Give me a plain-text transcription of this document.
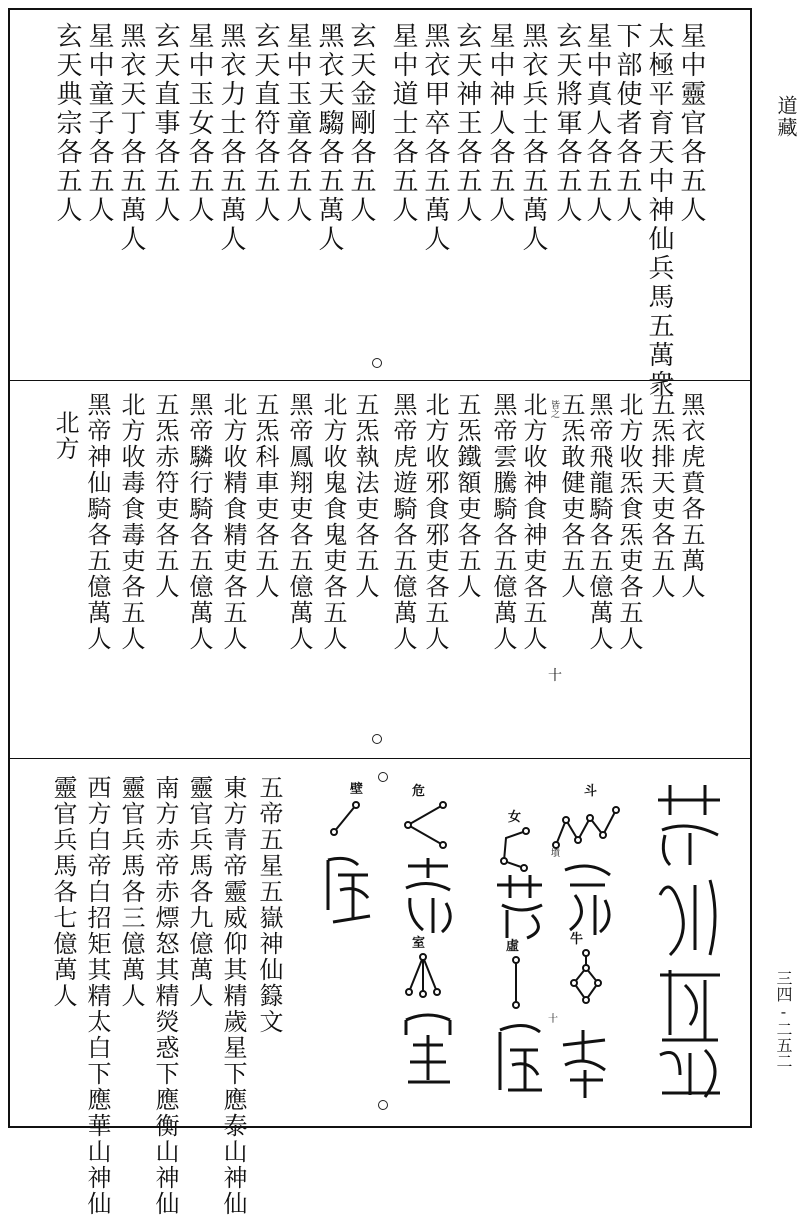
道藏
三四-二五二
星中靈官各五人
太極平育天中神仙兵馬五萬衆
下部使者各五人
星中真人各五人
玄天將軍各五人
黑衣兵士各五萬人
星中神人各五人
玄天神王各五人
黑衣甲卒各五萬人
星中道士各五人
玄天金剛各五人
黑衣天騶各五萬人
星中玉童各五人
玄天直符各五人
黑衣力士各五萬人
星中玉女各五人
玄天直事各五人
黑衣天丁各五萬人
星中童子各五人
玄天典宗各五人
黑衣虎賁各五萬人
五炁排天吏各五人
北方收炁食炁吏各五人
黑帝飛龍騎各五億萬人
五炁敢健吏各五人
北方收神食神吏各五人
黑帝雲騰騎各五億萬人
五炁鐵額吏各五人
北方收邪食邪吏各五人
黑帝虎遊騎各五億萬人
五炁執法吏各五人
北方收鬼食鬼吏各五人
黑帝鳳翔吏各五億萬人
五炁科車吏各五人
北方收精食精吏各五人
黑帝驎行騎各五億萬人
五炁赤符吏各五人
北方收毒食毒吏各五人
黑帝神仙騎各五億萬人
北方
皆之
十
斗
墳
牛
十
女
虛
危
室
壁
五帝五星五嶽神仙籙文
東方青帝靈威仰其精歲星下應泰山神仙
南方赤帝赤熛怒其精熒惑下應衡山神仙 靈官兵馬各九億萬人
靈官兵馬各三億萬人
西方白帝白招矩其精太白下應華山神仙
靈官兵馬各七億萬人
